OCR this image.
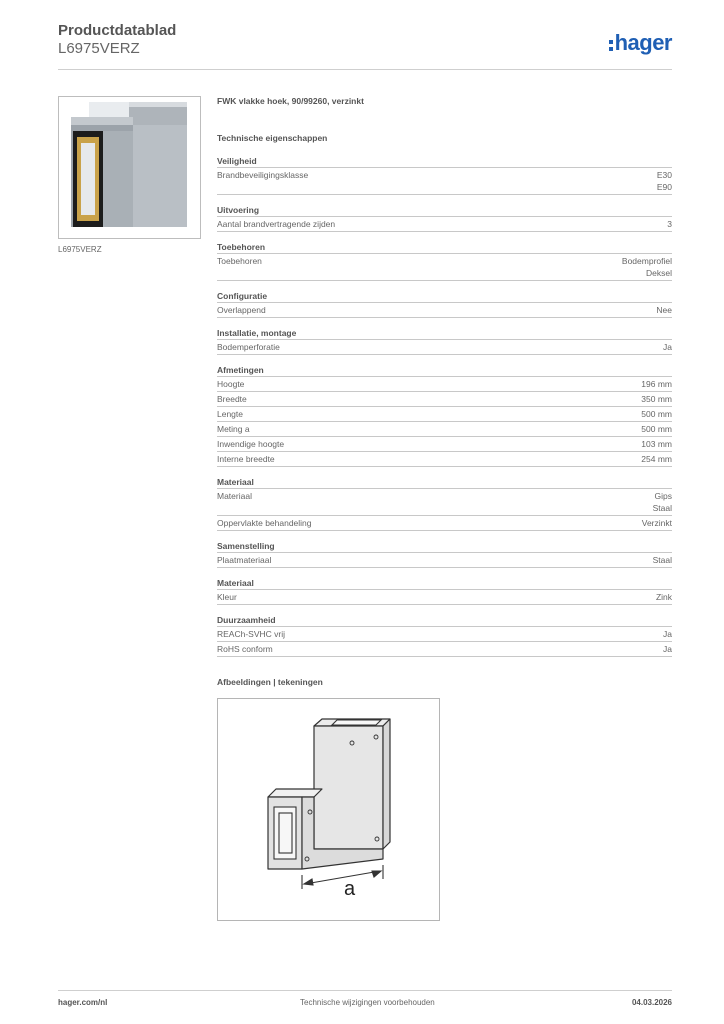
Productdatablad
L6975VERZ	hager
L6975VERZ
FWK vlakke hoek, 90/99260, verzinkt
Technische eigenschappen
Veiligheid
Brandbeveiligingsklasse	E30
E90
Uitvoering
Aantal brandvertragende zijden	3
Toebehoren
Toebehoren	Bodemprofiel
Deksel
Configuratie
Overlappend	Nee
Installatie, montage
Bodemperforatie	Ja
Afmetingen
Hoogte	196 mm
Breedte	350 mm
Lengte	500 mm
Meting a	500 mm
Inwendige hoogte	103 mm
Interne breedte	254 mm
Materiaal
Materiaal	Gips
Staal
Oppervlakte behandeling	Verzinkt
Samenstelling
Plaatmateriaal	Staal
Materiaal
Kleur	Zink
Duurzaamheid
REACh-SVHC vrij	Ja
RoHS conform	Ja
Afbeeldingen | tekeningen
a
hager.com/nl	Technische wijzigingen voorbehouden	04.03.2026
